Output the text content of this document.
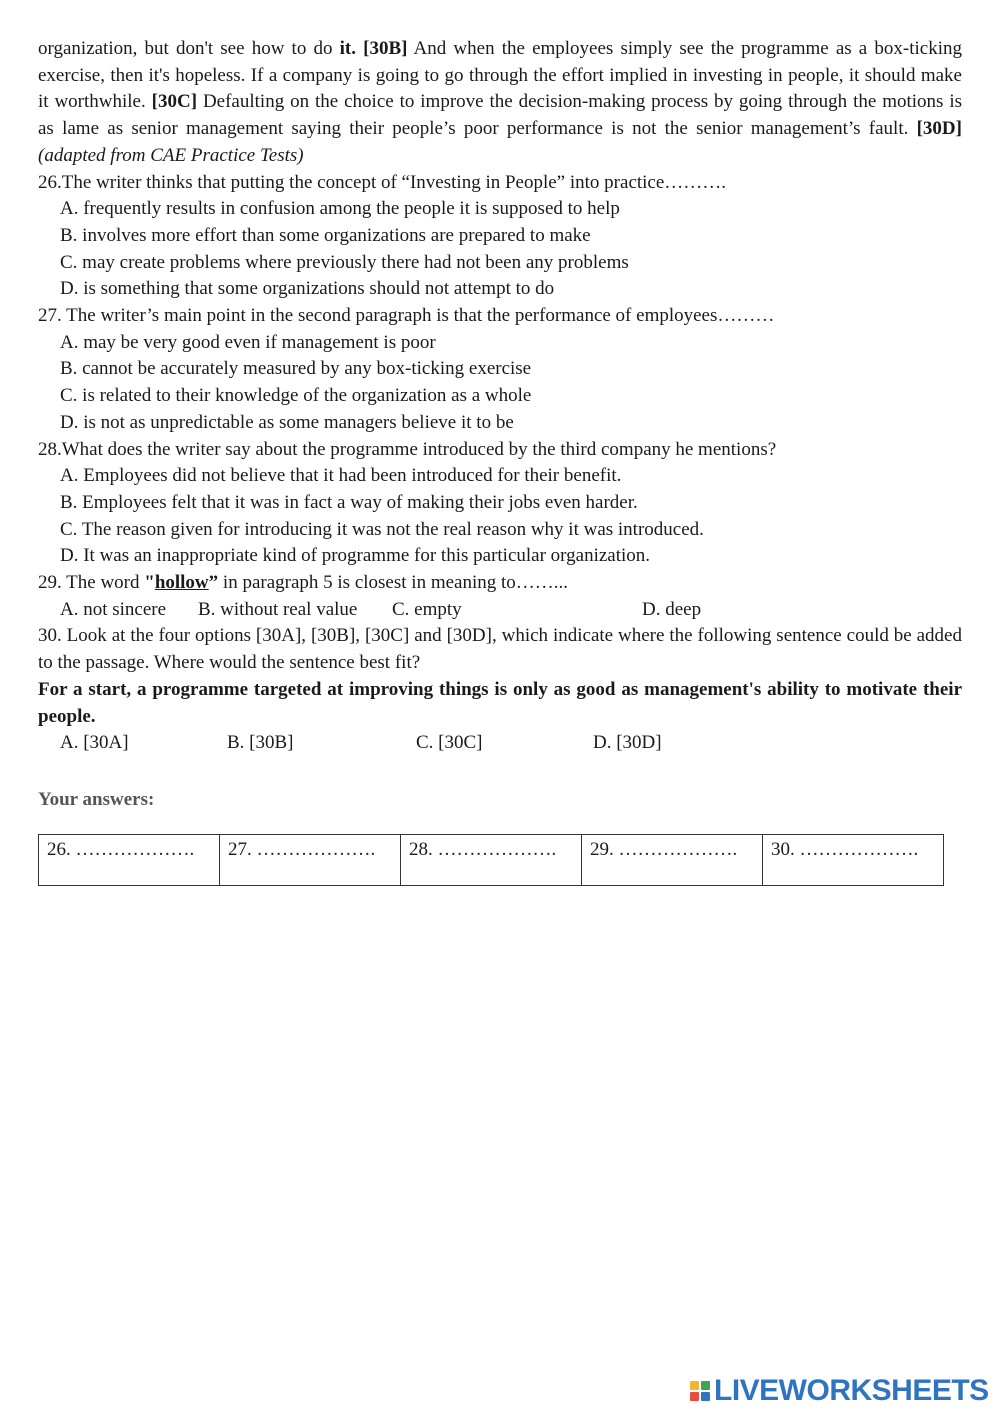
organization, but don't see how to do it. [30B] And when the employees simply see the programme as a box-ticking exercise, then it's hopeless. If a company is going to go through the effort implied in investing in people, it should make it worthwhile. [30C] Defaulting on the choice to improve the decision-making process by going through the motions is as lame as senior management saying their people’s poor performance is not the senior management’s fault. [30D] (adapted from CAE Practice Tests)

26.The writer thinks that putting the concept of “Investing in People” into practice……….

A. frequently results in confusion among the people it is supposed to help

B. involves more effort than some organizations are prepared to make

C. may create problems where previously there had not been any problems

D. is something that some organizations should not attempt to do

27. The writer’s main point in the second paragraph is that the performance of employees………

A. may be very good even if management is poor

B. cannot be accurately measured by any box-ticking exercise

C. is related to their knowledge of the organization as a whole

D. is not as unpredictable as some managers believe it to be

28.What does the writer say about the programme introduced by the third company he mentions?

A. Employees did not believe that it had been introduced for their benefit.

B. Employees felt that it was in fact a way of making their jobs even harder.

C. The reason given for introducing it was not the real reason why it was introduced.

D. It was an inappropriate kind of programme for this particular organization.

29. The word "hollow” in paragraph 5 is closest in meaning to……...

A. not sincere B. without real value C. empty	D. deep

30. Look at the four options [30A], [30B], [30C] and [30D], which indicate where the following sentence could be added to the passage. Where would the sentence best fit?

For a start, a programme targeted at improving things is only as good as management's ability to motivate their people.

A. [30A]	B. [30B]	C. [30C]	D. [30D]
Your answers:
26. ……………….	27. ……………….	28. ……………….	29. ……………….	30. ……………….
LIVEWORKSHEETS
